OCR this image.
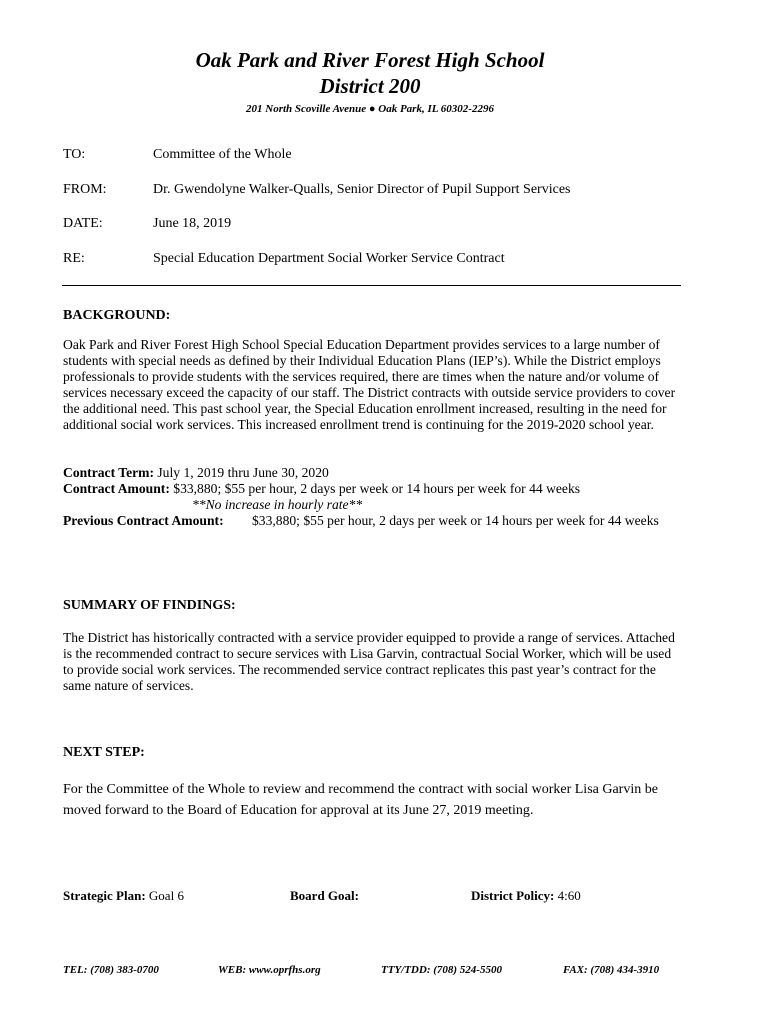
Oak Park and River Forest High School
District 200
201 North Scoville Avenue ● Oak Park, IL 60302-2296
TO:	Committee of the Whole
FROM:	Dr. Gwendolyne Walker-Qualls, Senior Director of Pupil Support Services
DATE:	June 18, 2019
RE:	Special Education Department Social Worker Service Contract
BACKGROUND:
Oak Park and River Forest High School Special Education Department provides services to a large number of students with special needs as defined by their Individual Education Plans (IEP’s). While the District employs professionals to provide students with the services required, there are times when the nature and/or volume of services necessary exceed the capacity of our staff. The District contracts with outside service providers to cover the additional need. This past school year, the Special Education enrollment increased, resulting in the need for additional social work services. This increased enrollment trend is continuing for the 2019-2020 school year.
Contract Term: July 1, 2019 thru June 30, 2020
Contract Amount: $33,880; $55 per hour, 2 days per week or 14 hours per week for 44 weeks
**No increase in hourly rate**
Previous Contract Amount: $33,880; $55 per hour, 2 days per week or 14 hours per week for 44 weeks
SUMMARY OF FINDINGS:
The District has historically contracted with a service provider equipped to provide a range of services. Attached is the recommended contract to secure services with Lisa Garvin, contractual Social Worker, which will be used to provide social work services. The recommended service contract replicates this past year’s contract for the same nature of services.
NEXT STEP:
For the Committee of the Whole to review and recommend the contract with social worker Lisa Garvin be moved forward to the Board of Education for approval at its June 27, 2019 meeting.
Strategic Plan: Goal 6	Board Goal:	District Policy: 4:60
TEL: (708) 383-0700	WEB: www.oprfhs.org	TTY/TDD: (708) 524-5500	FAX: (708) 434-3910
